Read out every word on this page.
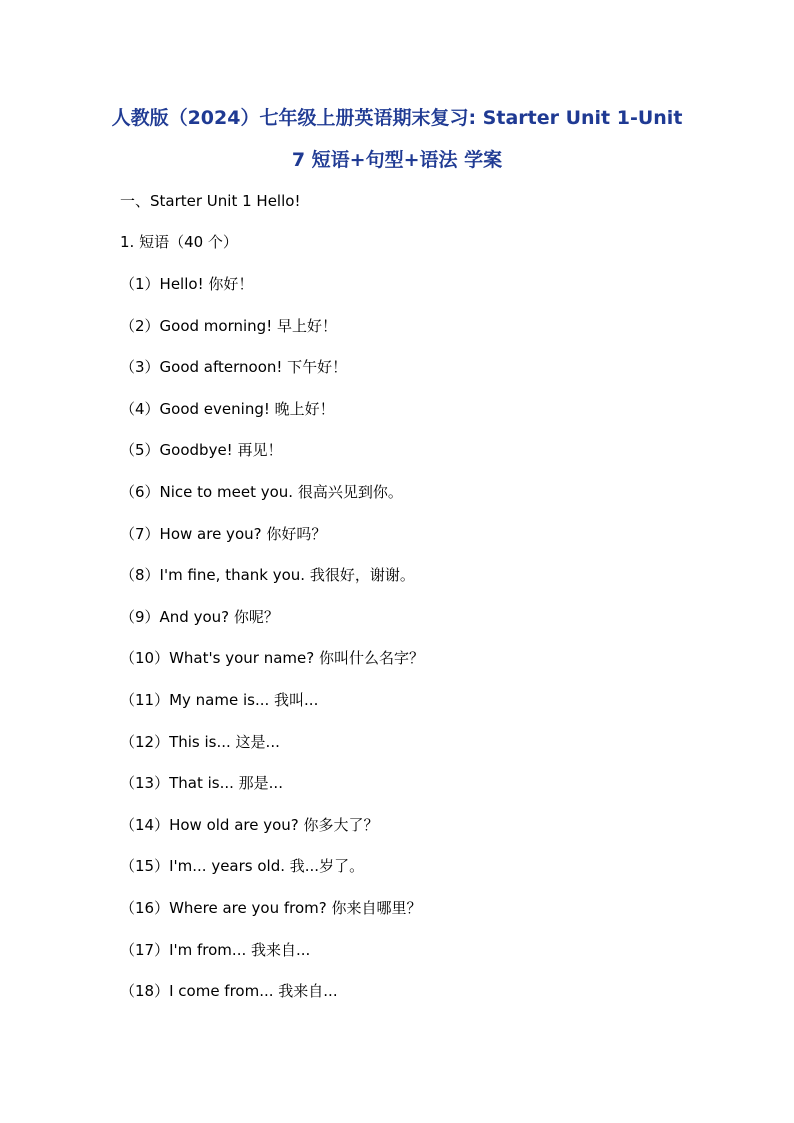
人教版（2024）七年级上册英语期末复习: Starter Unit 1-Unit
7 短语+句型+语法 学案
一、Starter Unit 1 Hello!
1. 短语（40 个）
（1）Hello! 你好！
（2）Good morning! 早上好！
（3）Good afternoon! 下午好！
（4）Good evening! 晚上好！
（5）Goodbye! 再见！
（6）Nice to meet you. 很高兴见到你。
（7）How are you? 你好吗？
（8）I'm fine, thank you. 我很好，谢谢。
（9）And you? 你呢？
（10）What's your name? 你叫什么名字？
（11）My name is... 我叫...
（12）This is... 这是...
（13）That is... 那是...
（14）How old are you? 你多大了？
（15）I'm... years old. 我...岁了。
（16）Where are you from? 你来自哪里？
（17）I'm from... 我来自...
（18）I come from... 我来自...
